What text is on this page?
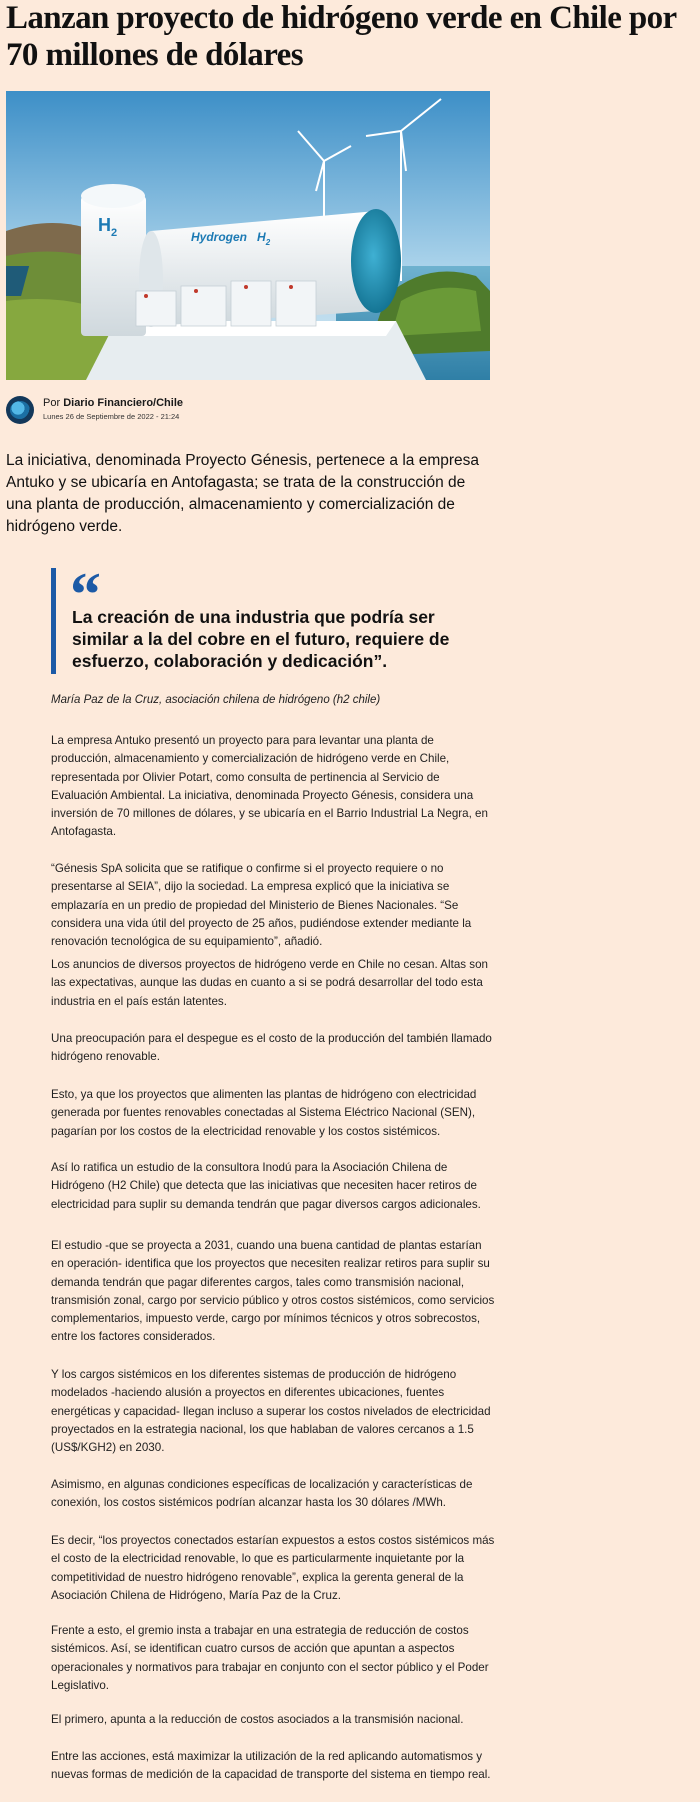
Lanzan proyecto de hidrógeno verde en Chile por 70 millones de dólares
$H_2$	Hydrogen $H_2$
Por Diario Financiero/Chile
Lunes 26 de Septiembre de 2022 - 21:24

La iniciativa, denominada Proyecto Génesis, pertenece a la empresa Antuko y se ubicaría en Antofagasta; se trata de la construcción de una planta de producción, almacenamiento y comercialización de hidrógeno verde.

“

La creación de una industria que podría ser similar a la del cobre en el futuro, requiere de esfuerzo, colaboración y dedicación”.

María Paz de la Cruz, asociación chilena de hidrógeno (h2 chile)

La empresa Antuko presentó un proyecto para para levantar una planta de producción, almacenamiento y comercialización de hidrógeno verde en Chile, representada por Olivier Potart, como consulta de pertinencia al Servicio de Evaluación Ambiental. La iniciativa, denominada Proyecto Génesis, considera una inversión de 70 millones de dólares, y se ubicaría en el Barrio Industrial La Negra, en Antofagasta.

“Génesis SpA solicita que se ratifique o confirme si el proyecto requiere o no presentarse al SEIA”, dijo la sociedad. La empresa explicó que la iniciativa se emplazaría en un predio de propiedad del Ministerio de Bienes Nacionales. “Se considera una vida útil del proyecto de 25 años, pudiéndose extender mediante la renovación tecnológica de su equipamiento”, añadió.

Los anuncios de diversos proyectos de hidrógeno verde en Chile no cesan. Altas son las expectativas, aunque las dudas en cuanto a si se podrá desarrollar del todo esta industria en el país están latentes.

Una preocupación para el despegue es el costo de la producción del también llamado hidrógeno renovable.

Esto, ya que los proyectos que alimenten las plantas de hidrógeno con electricidad generada por fuentes renovables conectadas al Sistema Eléctrico Nacional (SEN), pagarían por los costos de la electricidad renovable y los costos sistémicos.

Así lo ratifica un estudio de la consultora Inodú para la Asociación Chilena de Hidrógeno (H2 Chile) que detecta que las iniciativas que necesiten hacer retiros de electricidad para suplir su demanda tendrán que pagar diversos cargos adicionales.

El estudio -que se proyecta a 2031, cuando una buena cantidad de plantas estarían en operación- identifica que los proyectos que necesiten realizar retiros para suplir su demanda tendrán que pagar diferentes cargos, tales como transmisión nacional, transmisión zonal, cargo por servicio público y otros costos sistémicos, como servicios complementarios, impuesto verde, cargo por mínimos técnicos y otros sobrecostos, entre los factores considerados.

Y los cargos sistémicos en los diferentes sistemas de producción de hidrógeno modelados -haciendo alusión a proyectos en diferentes ubicaciones, fuentes energéticas y capacidad- llegan incluso a superar los costos nivelados de electricidad proyectados en la estrategia nacional, los que hablaban de valores cercanos a 1.5 (US$/KGH2) en 2030.

Asimismo, en algunas condiciones específicas de localización y características de conexión, los costos sistémicos podrían alcanzar hasta los 30 dólares /MWh.

Es decir, “los proyectos conectados estarían expuestos a estos costos sistémicos más el costo de la electricidad renovable, lo que es particularmente inquietante por la competitividad de nuestro hidrógeno renovable”, explica la gerenta general de la Asociación Chilena de Hidrógeno, María Paz de la Cruz.

Frente a esto, el gremio insta a trabajar en una estrategia de reducción de costos sistémicos. Así, se identifican cuatro cursos de acción que apuntan a aspectos operacionales y normativos para trabajar en conjunto con el sector público y el Poder Legislativo.

El primero, apunta a la reducción de costos asociados a la transmisión nacional.

Entre las acciones, está maximizar la utilización de la red aplicando automatismos y nuevas formas de medición de la capacidad de transporte del sistema en tiempo real.
